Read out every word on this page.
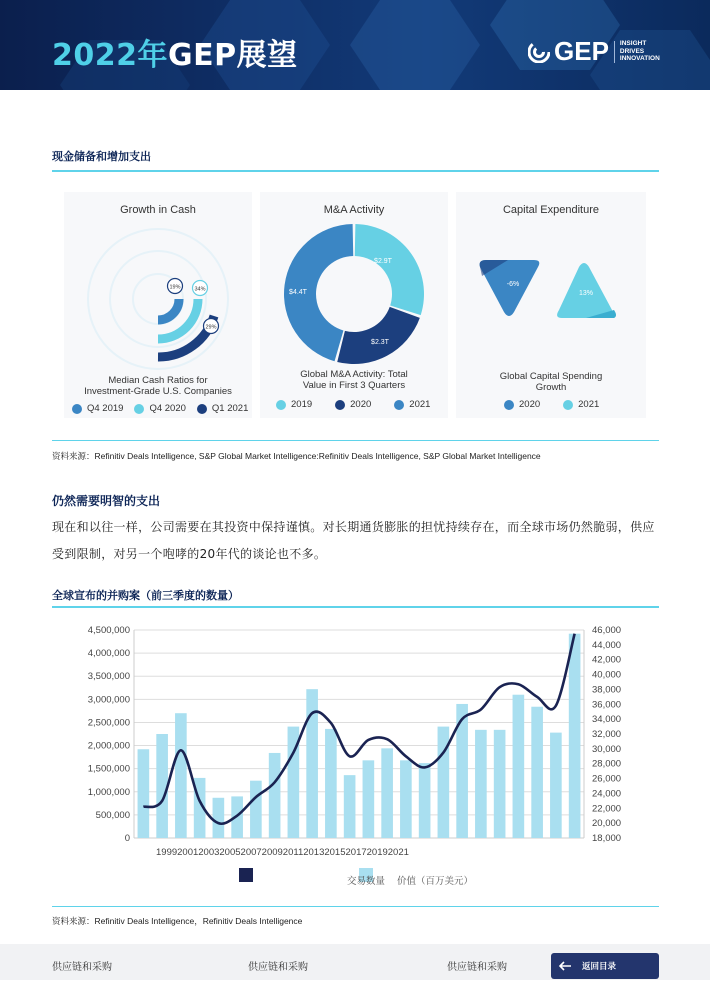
2022年GEP展望	GEP INSIGHT
DRIVES
INNOVATION
现金储备和增加支出
Growth in Cash
19%	34%
29%
Median Cash Ratios for
Investment-Grade U.S. Companies
Q4 2019	Q4 2020	Q1 2021
M&A Activity
$2.9T
$2.3T
$4.4T
Global M&A Activity: Total
Value in First 3 Quarters
2019	2020	2021
Capital Expenditure
-6%
13%
Global Capital Spending
Growth
2020	2021
资料来源：Refinitiv Deals Intelligence, S&P Global Market Intelligence:Refinitiv Deals Intelligence, S&P Global Market Intelligence
仍然需要明智的支出
现在和以往一样，公司需要在其投资中保持谨慎。对长期通货膨胀的担忧持续存在，而全球市场仍然脆弱，供应受到限制，对另一个咆哮的20年代的谈论也不多。
全球宣布的并购案（前三季度的数量）
0
500,000
1,000,000
1,500,000
2,000,000
2,500,000
3,000,000
3,500,000
4,000,000
4,500,000
18,000
20,000
22,000
24,000
26,000
28,000
30,000
32,000
34,000
36,000
38,000
40,000
42,000
44,000
46,000
199920012003200520072009201120132015201720192021
交易数量 价值（百万美元）
资料来源：Refinitiv Deals Intelligence，Refinitiv Deals Intelligence
供应链和采购	供应链和采购	供应链和采购	返回目录
